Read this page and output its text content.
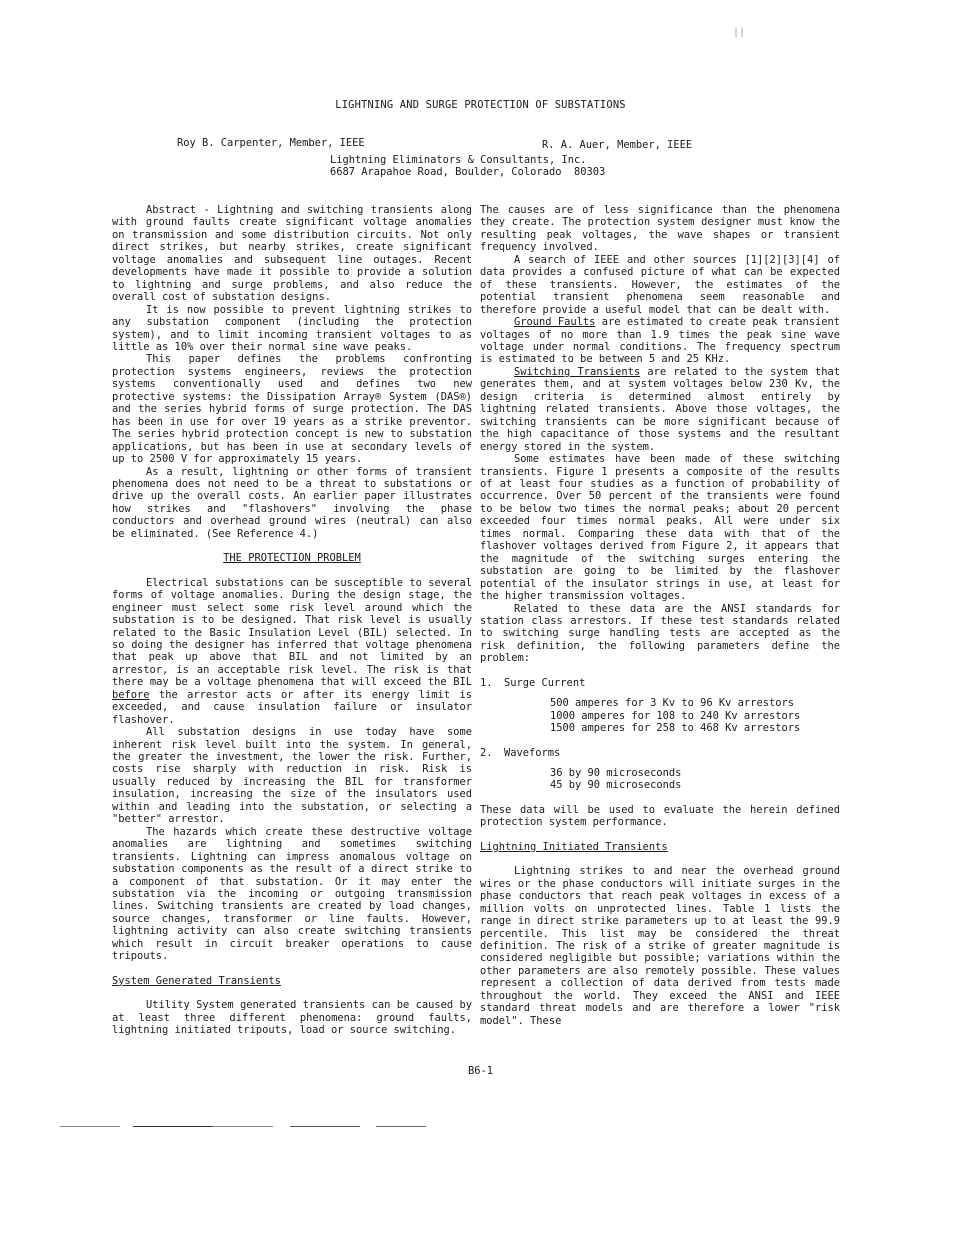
||
LIGHTNING AND SURGE PROTECTION OF SUBSTATIONS
Roy B. Carpenter, Member, IEEE	R. A. Auer, Member, IEEE
Lightning Eliminators & Consultants, Inc.
6687 Arapahoe Road, Boulder, Colorado  80303

Abstract - Lightning and switching transients along with ground faults create significant voltage anomalies on transmission and some distribution circuits. Not only direct strikes, but nearby strikes, create significant voltage anomalies and subsequent line outages. Recent developments have made it possible to provide a solution to lightning and surge problems, and also reduce the overall cost of substation designs.

It is now possible to prevent lightning strikes to any substation component (including the protection system), and to limit incoming transient voltages to as little as 10% over their normal sine wave peaks.

This paper defines the problems confronting protection systems engineers, reviews the protection systems conventionally used and defines two new protective systems: the Dissipation Array® System (DAS®) and the series hybrid forms of surge protection. The DAS has been in use for over 19 years as a strike preventor. The series hybrid protection concept is new to substation applications, but has been in use at secondary levels of up to 2500 V for approximately 15 years.

As a result, lightning or other forms of transient phenomena does not need to be a threat to substations or drive up the overall costs. An earlier paper illustrates how strikes and "flashovers" involving the phase conductors and overhead ground wires (neutral) can also be eliminated. (See Reference 4.)

THE PROTECTION PROBLEM

Electrical substations can be susceptible to several forms of voltage anomalies. During the design stage, the engineer must select some risk level around which the substation is to be designed. That risk level is usually related to the Basic Insulation Level (BIL) selected. In so doing the designer has inferred that voltage phenomena that peak up above that BIL and not limited by an arrestor, is an acceptable risk level. The risk is that there may be a voltage phenomena that will exceed the BIL before the arrestor acts or after its energy limit is exceeded, and cause insulation failure or insulator flashover.

All substation designs in use today have some inherent risk level built into the system. In general, the greater the investment, the lower the risk. Further, costs rise sharply with reduction in risk. Risk is usually reduced by increasing the BIL for transformer insulation, increasing the size of the insulators used within and leading into the substation, or selecting a "better" arrestor.

The hazards which create these destructive voltage anomalies are lightning and sometimes switching transients. Lightning can impress anomalous voltage on substation components as the result of a direct strike to a component of that substation. Or it may enter the substation via the incoming or outgoing transmission lines. Switching transients are created by load changes, source changes, transformer or line faults. However, lightning activity can also create switching transients which result in circuit breaker operations to cause tripouts.

System Generated Transients

Utility System generated transients can be caused by at least three different phenomena: ground faults, lightning initiated tripouts, load or source switching.

The causes are of less significance than the phenomena they create. The protection system designer must know the resulting peak voltages, the wave shapes or transient frequency involved.

A search of IEEE and other sources [1][2][3][4] of data provides a confused picture of what can be expected of these transients. However, the estimates of the potential transient phenomena seem reasonable and therefore provide a useful model that can be dealt with.

Ground Faults are estimated to create peak transient voltages of no more than 1.9 times the peak sine wave voltage under normal conditions. The frequency spectrum is estimated to be between 5 and 25 KHz.

Switching Transients are related to the system that generates them, and at system voltages below 230 Kv, the design criteria is determined almost entirely by lightning related transients. Above those voltages, the switching transients can be more significant because of the high capacitance of those systems and the resultant energy stored in the system.

Some estimates have been made of these switching transients. Figure 1 presents a composite of the results of at least four studies as a function of probability of occurrence. Over 50 percent of the transients were found to be below two times the normal peaks; about 20 percent exceeded four times normal peaks. All were under six times normal. Comparing these data with that of the flashover voltages derived from Figure 2, it appears that the magnitude of the switching surges entering the substation are going to be limited by the flashover potential of the insulator strings in use, at least for the higher transmission voltages.

Related to these data are the ANSI standards for station class arrestors. If these test standards related to switching surge handling tests are accepted as the risk definition, the following parameters define the problem:

1. Surge Current
500 amperes for 3 Kv to 96 Kv arrestors
1000 amperes for 108 to 240 Kv arrestors
1500 amperes for 258 to 468 Kv arrestors
2. Waveforms
36 by 90 microseconds
45 by 90 microseconds

These data will be used to evaluate the herein defined protection system performance.

Lightning Initiated Transients

Lightning strikes to and near the overhead ground wires or the phase conductors will initiate surges in the phase conductors that reach peak voltages in excess of a million volts on unprotected lines. Table 1 lists the range in direct strike parameters up to at least the 99.9 percentile. This list may be considered the threat definition. The risk of a strike of greater magnitude is considered negligible but possible; variations within the other parameters are also remotely possible. These values represent a collection of data derived from tests made throughout the world. They exceed the ANSI and IEEE standard threat models and are therefore a lower "risk model". These

B6-1
